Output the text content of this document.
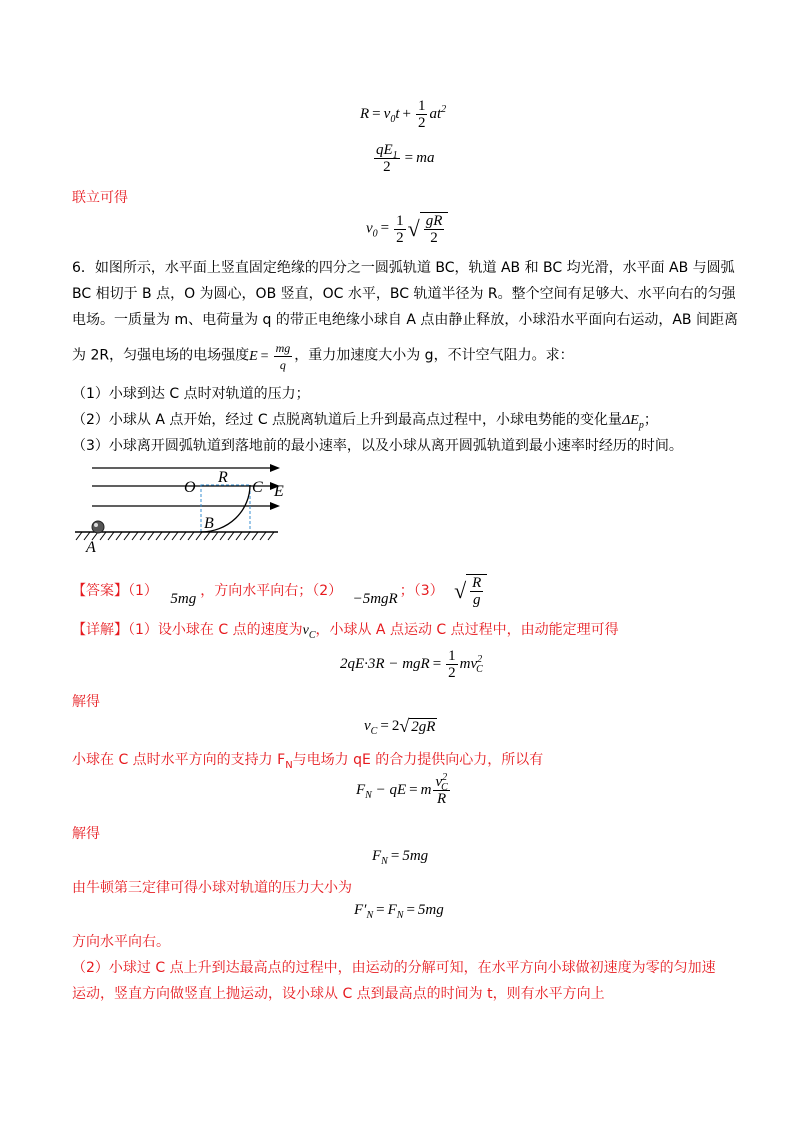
$R = v_0t + \frac{1}{2} at^2$
$\frac{qE_1}{2}$ = ma
联立可得
$v_0 = \frac{1}{2}$ √ $\frac{gR}{2}$
6．如图所示，水平面上竖直固定绝缘的四分之一圆弧轨道 BC，轨道 AB 和 BC 均光滑，水平面 AB 与圆弧
BC 相切于 B 点，O 为圆心，OB 竖直，OC 水平，BC 轨道半径为 R。整个空间有足够大、水平向右的匀强
电场。一质量为 m、电荷量为 q 的带正电绝缘小球自 A 点由静止释放，小球沿水平面向右运动，AB 间距离
为 2R，匀强电场的电场强度$E = \frac{mg}{q}$ ，重力加速度大小为 g，不计空气阻力。求：
（1）小球到达 C 点时对轨道的压力；
（2）小球从 A 点开始，经过 C 点脱离轨道后上升到最高点过程中，小球电势能的变化量$\Delta E_p$；
（3）小球离开圆弧轨道到落地前的最小速率，以及小球从离开圆弧轨道到最小速率时经历的时间。
R
O	C E
B
A
【答案】（1） 5mg ，方向水平向右；（2） −5mgR ；（3） √ $\frac{R}{g}$
【详解】（1）设小球在 C 点的速度为$v_C$，小球从 A 点运动 C 点过程中，由动能定理可得
2qE·3R − mgR = $\frac{1}{2} mv^2_C$
解得
$v_C = 2√$ 2gR
小球在 C 点时水平方向的支持力 $F_N$与电场力 qE 的合力提供向心力，所以有
$F_N$ − qE = m $\frac{v^2_C}{R}$
解得
$F_N = 5mg$
由牛顿第三定律可得小球对轨道的压力大小为
$F'_N = F_N = 5mg$
方向水平向右。
（2）小球过 C 点上升到达最高点的过程中，由运动的分解可知，在水平方向小球做初速度为零的匀加速
运动，竖直方向做竖直上抛运动，设小球从 C 点到最高点的时间为 t，则有水平方向上
